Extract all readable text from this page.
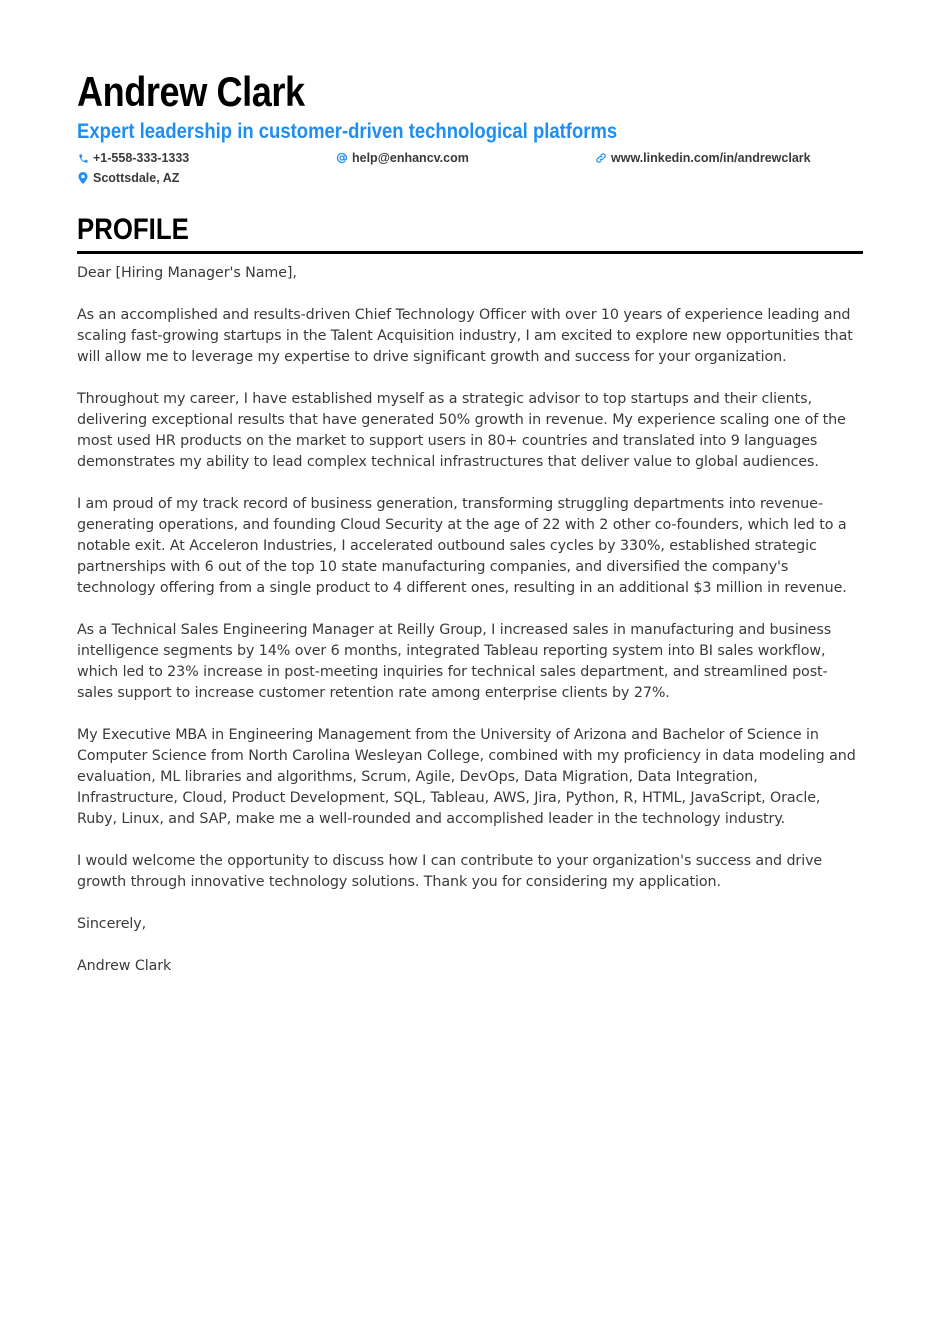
Andrew Clark
Expert leadership in customer-driven technological platforms
+1-558-333-1333	help@enhancv.com	www.linkedin.com/in/andrewclark
Scottsdale, AZ
PROFILE

Dear [Hiring Manager's Name],

As an accomplished and results-driven Chief Technology Officer with over 10 years of experience leading and scaling fast-growing startups in the Talent Acquisition industry, I am excited to explore new opportunities that will allow me to leverage my expertise to drive significant growth and success for your organization.

Throughout my career, I have established myself as a strategic advisor to top startups and their clients, delivering exceptional results that have generated 50% growth in revenue. My experience scaling one of the most used HR products on the market to support users in 80+ countries and translated into 9 languages demonstrates my ability to lead complex technical infrastructures that deliver value to global audiences.

I am proud of my track record of business generation, transforming struggling departments into revenue-generating operations, and founding Cloud Security at the age of 22 with 2 other co-founders, which led to a notable exit. At Acceleron Industries, I accelerated outbound sales cycles by 330%, established strategic partnerships with 6 out of the top 10 state manufacturing companies, and diversified the company's technology offering from a single product to 4 different ones, resulting in an additional $3 million in revenue.

As a Technical Sales Engineering Manager at Reilly Group, I increased sales in manufacturing and business intelligence segments by 14% over 6 months, integrated Tableau reporting system into BI sales workflow, which led to 23% increase in post-meeting inquiries for technical sales department, and streamlined post-sales support to increase customer retention rate among enterprise clients by 27%.

My Executive MBA in Engineering Management from the University of Arizona and Bachelor of Science in Computer Science from North Carolina Wesleyan College, combined with my proficiency in data modeling and evaluation, ML libraries and algorithms, Scrum, Agile, DevOps, Data Migration, Data Integration, Infrastructure, Cloud, Product Development, SQL, Tableau, AWS, Jira, Python, R, HTML, JavaScript, Oracle, Ruby, Linux, and SAP, make me a well-rounded and accomplished leader in the technology industry.

I would welcome the opportunity to discuss how I can contribute to your organization's success and drive growth through innovative technology solutions. Thank you for considering my application.

Sincerely,

Andrew Clark
